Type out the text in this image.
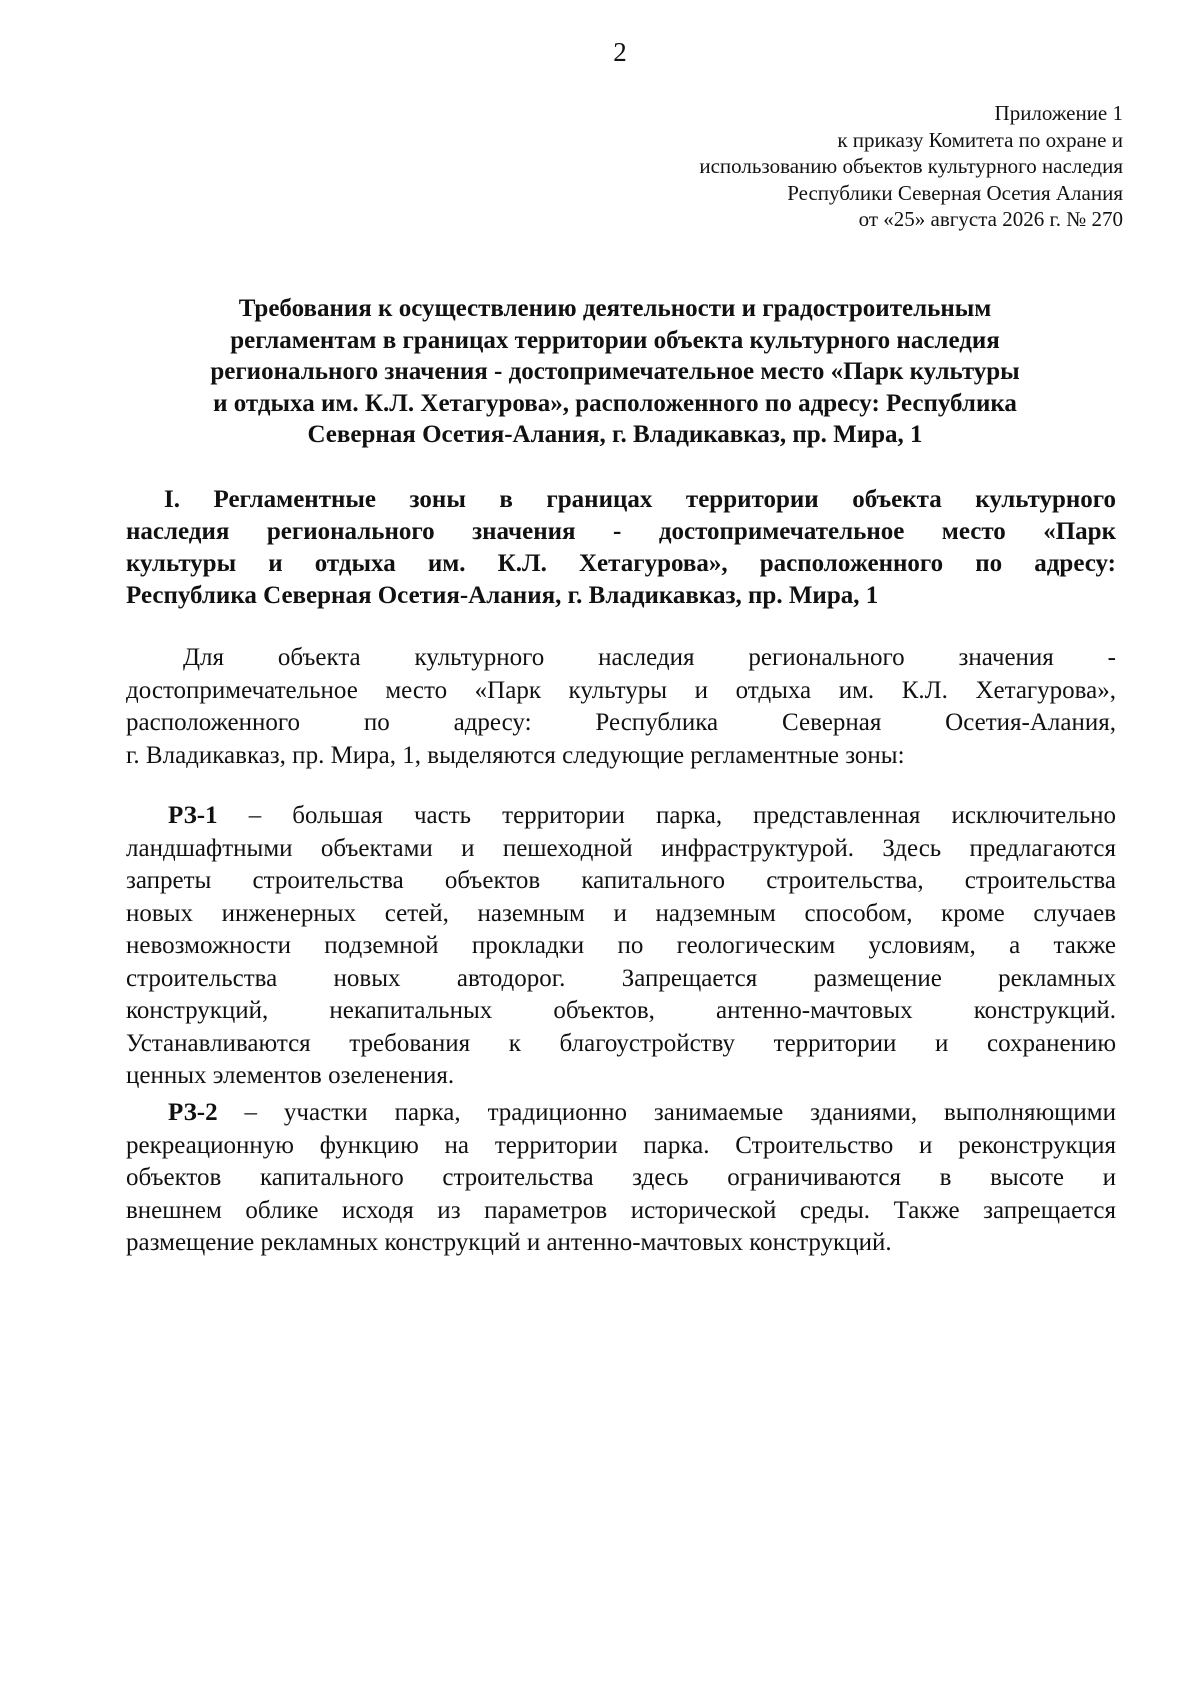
2
Приложение 1
к приказу Комитета по охране и
использованию объектов культурного наследия
Республики Северная Осетия Алания
от «25» августа 2026 г. № 270
Требования к осуществлению деятельности и градостроительным
регламентам в границах территории объекта культурного наследия
регионального значения - достопримечательное место «Парк культуры
и отдыха им. К.Л. Хетагурова», расположенного по адресу: Республика
Северная Осетия-Алания, г. Владикавказ, пр. Мира, 1
I. Регламентные зоны в границах территории объекта культурного
наследия регионального значения - достопримечательное место «Парк
культуры и отдыха им. К.Л. Хетагурова», расположенного по адресу:
Республика Северная Осетия-Алания, г. Владикавказ, пр. Мира, 1
Для объекта культурного наследия регионального значения -
достопримечательное место «Парк культуры и отдыха им. К.Л. Хетагурова»,
расположенного по адресу: Республика Северная Осетия-Алания,
г. Владикавказ, пр. Мира, 1, выделяются следующие регламентные зоны:
РЗ-1 – большая часть территории парка, представленная исключительно
ландшафтными объектами и пешеходной инфраструктурой. Здесь предлагаются
запреты строительства объектов капитального строительства, строительства
новых инженерных сетей, наземным и надземным способом, кроме случаев
невозможности подземной прокладки по геологическим условиям, а также
строительства новых автодорог. Запрещается размещение рекламных
конструкций, некапитальных объектов, антенно-мачтовых конструкций.
Устанавливаются требования к благоустройству территории и сохранению
ценных элементов озеленения.
РЗ-2 – участки парка, традиционно занимаемые зданиями, выполняющими
рекреационную функцию на территории парка. Строительство и реконструкция
объектов капитального строительства здесь ограничиваются в высоте и
внешнем облике исходя из параметров исторической среды. Также запрещается
размещение рекламных конструкций и антенно-мачтовых конструкций.
